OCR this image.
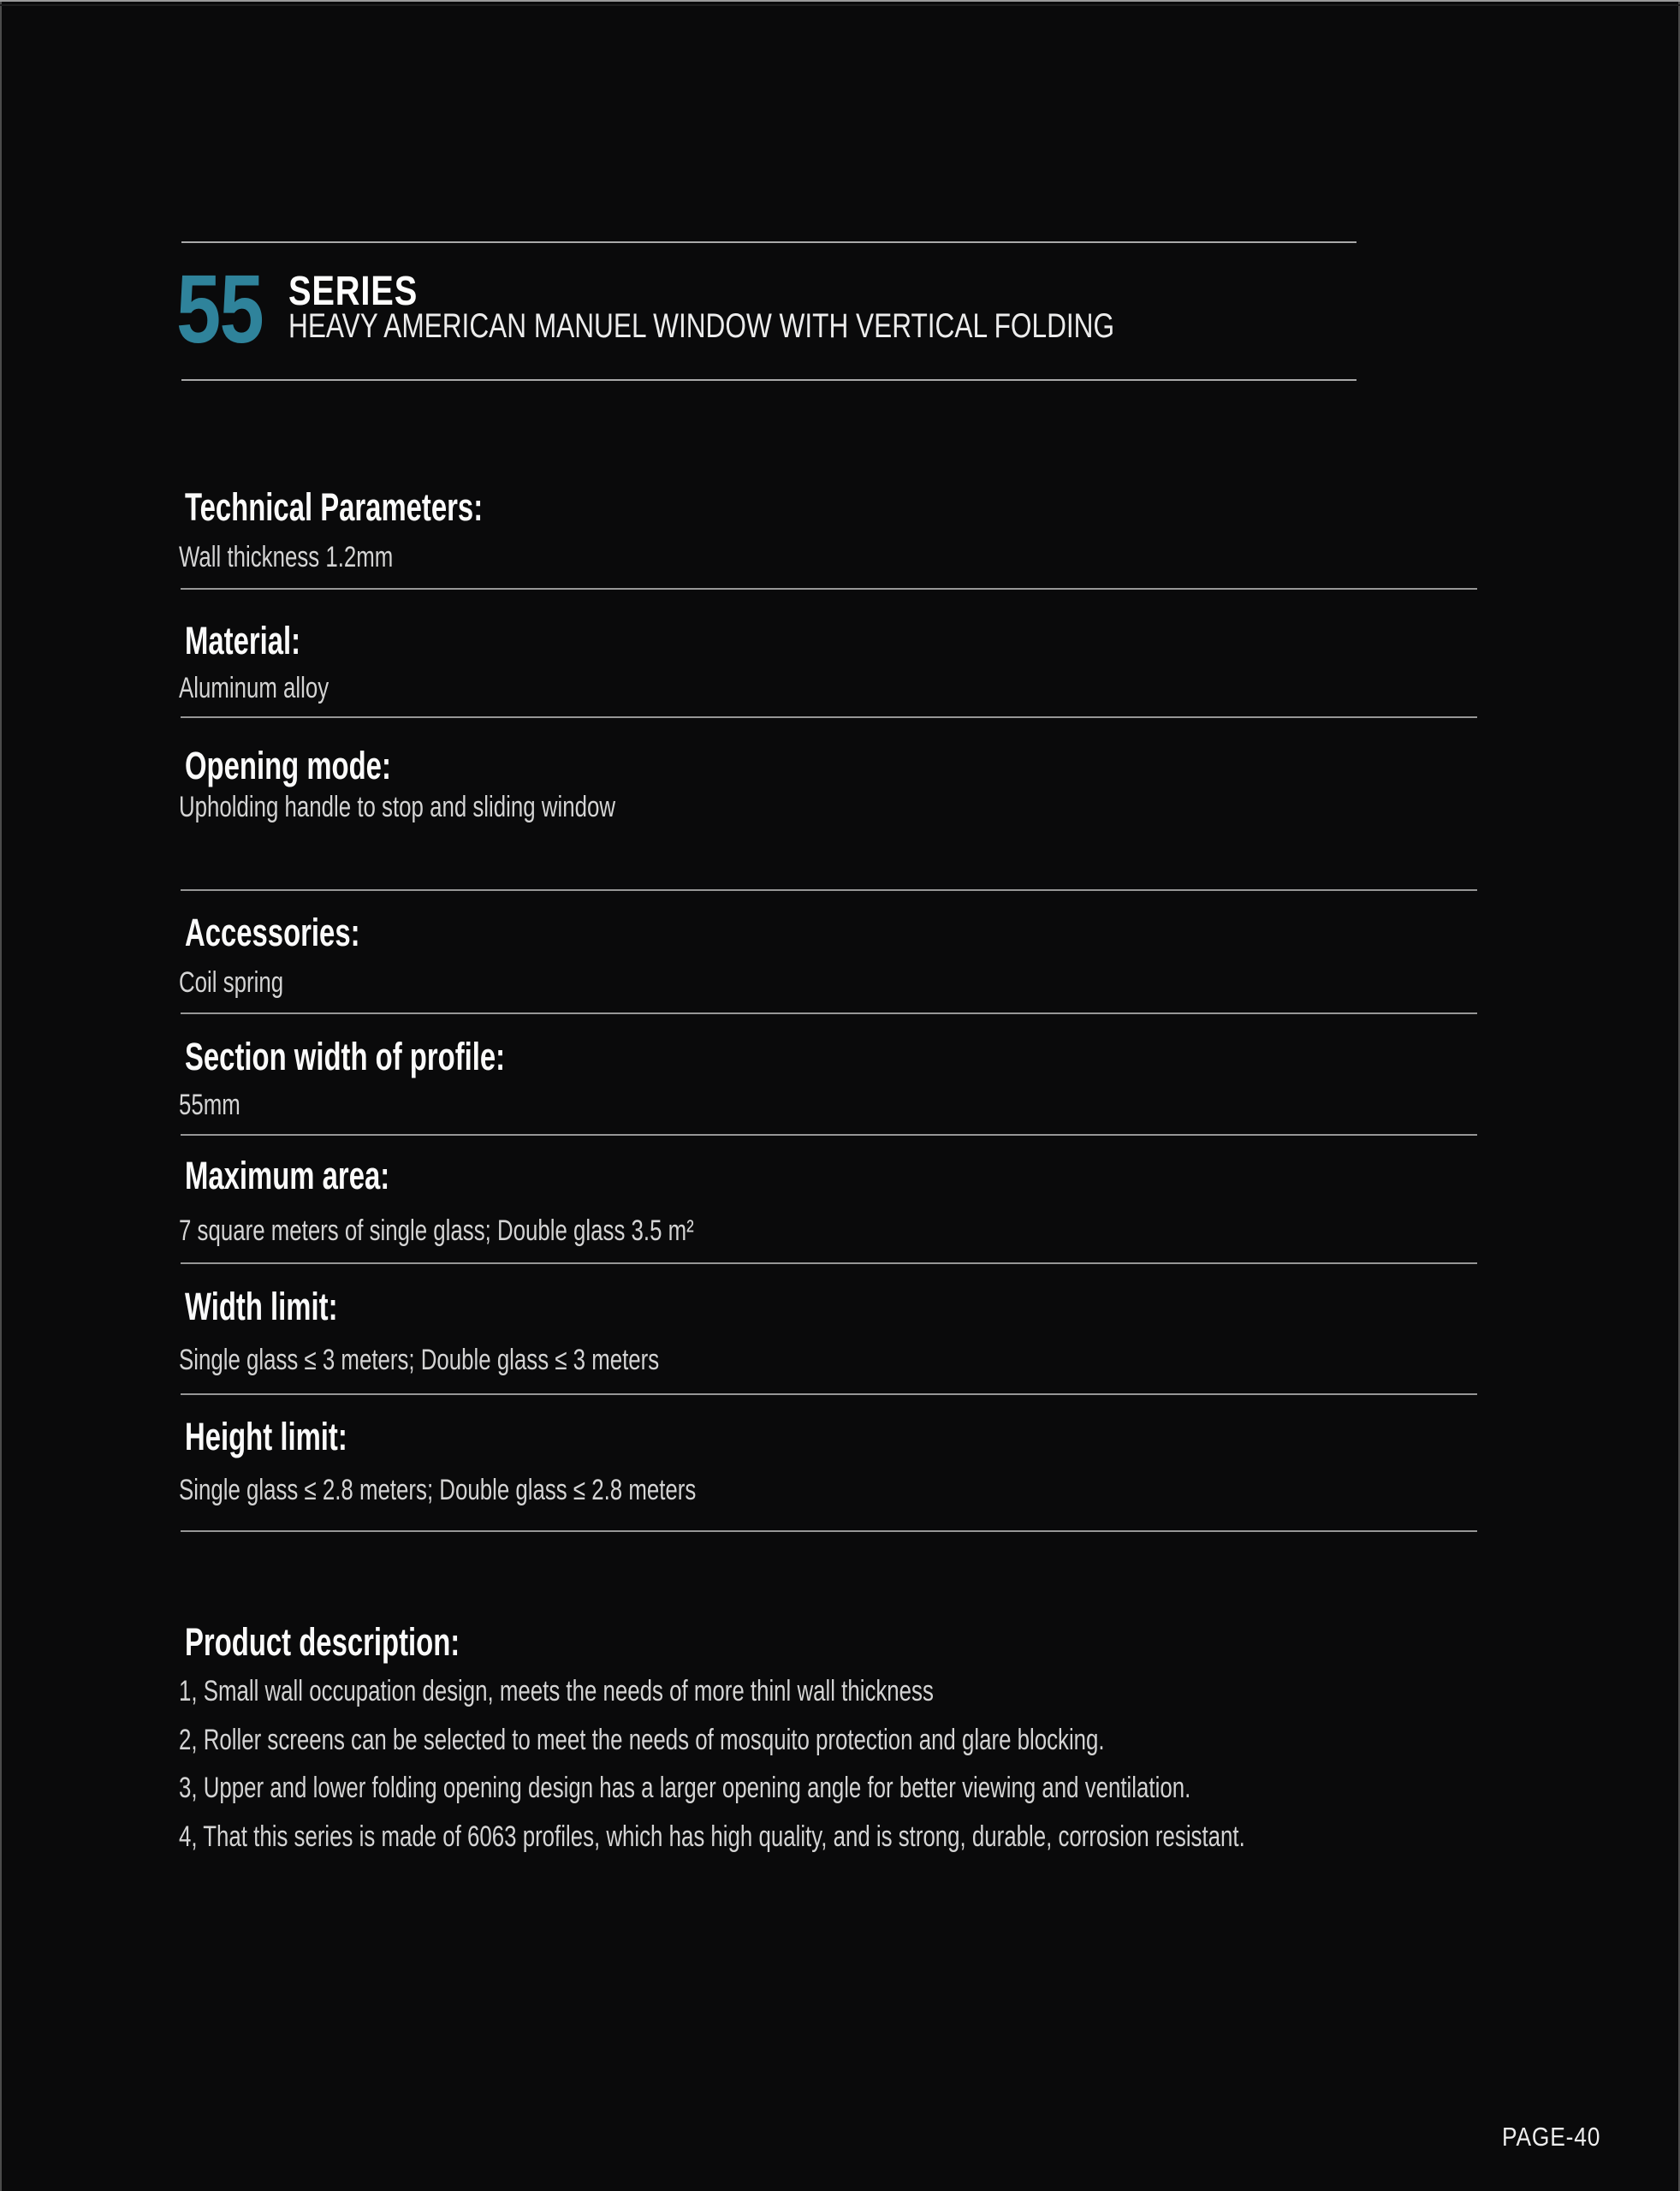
55 SERIES
HEAVY AMERICAN MANUEL WINDOW WITH VERTICAL FOLDING
Technical Parameters:

Wall thickness 1.2mm

Material:

Aluminum alloy

Opening mode:

Upholding handle to stop and sliding window

Accessories:

Coil spring

Section width of profile:

55mm

Maximum area:

7 square meters of single glass; Double glass 3.5 m²

Width limit:

Single glass ≤ 3 meters; Double glass ≤ 3 meters

Height limit:

Single glass ≤ 2.8 meters; Double glass ≤ 2.8 meters

Product description:

1, Small wall occupation design, meets the needs of more thinl wall thickness

2, Roller screens can be selected to meet the needs of mosquito protection and glare blocking.

3, Upper and lower folding opening design has a larger opening angle for better viewing and ventilation.

4, That this series is made of 6063 profiles, which has high quality, and is strong, durable, corrosion resistant.

PAGE-40
